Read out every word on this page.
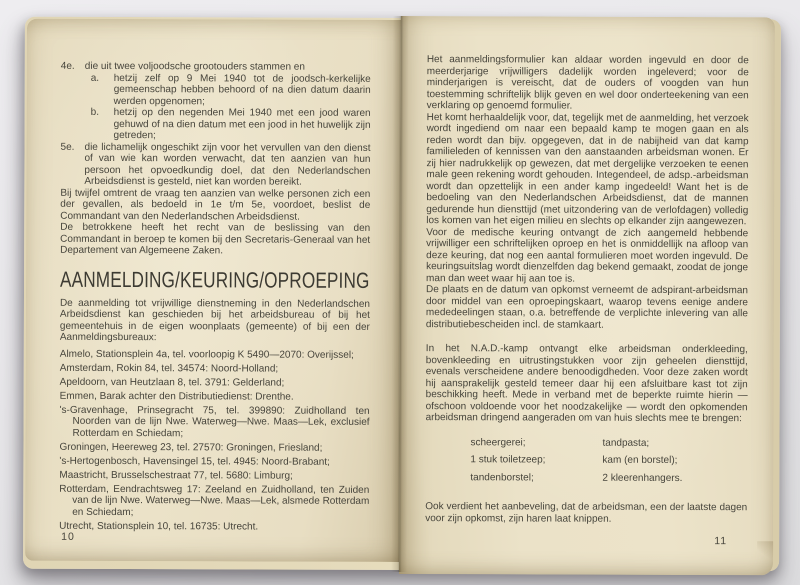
4e. die uit twee voljoodsche grootouders stammen en
a. hetzij zelf op 9 Mei 1940 tot de joodsch-kerkelijke gemeenschap hebben behoord of na dien datum daarin werden opgenomen;
b. hetzij op den negenden Mei 1940 met een jood waren gehuwd of na dien datum met een jood in het huwelijk zijn getreden;
5e. die lichamelijk ongeschikt zijn voor het vervullen van den dienst of van wie kan worden verwacht, dat ten aanzien van hun persoon het opvoedkundig doel, dat den Nederlandschen Arbeidsdienst is gesteld, niet kan worden bereikt.

Bij twijfel omtrent de vraag ten aanzien van welke personen zich een der gevallen, als bedoeld in 1e t/m 5e, voordoet, beslist de Commandant van den Nederlandschen Arbeidsdienst.

De betrokkene heeft het recht van de beslissing van den Commandant in beroep te komen bij den Secretaris-Generaal van het Departement van Algemeene Zaken.

AANMELDING/KEURING/OPROEPING

De aanmelding tot vrijwillige dienstneming in den Nederlandschen Arbeidsdienst kan geschieden bij het arbeidsbureau of bij het gemeentehuis in de eigen woonplaats (gemeente) of bij een der Aanmeldingsbureaux:

Almelo, Stationsplein 4a, tel. voorloopig K 5490—2070: Overijssel;
Amsterdam, Rokin 84, tel. 34574: Noord-Holland;
Apeldoorn, van Heutzlaan 8, tel. 3791: Gelderland;
Emmen, Barak achter den Distributiedienst: Drenthe.
's-Gravenhage, Prinsegracht 75, tel. 399890: Zuidholland ten Noorden van de lijn Nwe. Waterweg—Nwe. Maas—Lek, exclusief Rotterdam en Schiedam;
Groningen, Heereweg 23, tel. 27570: Groningen, Friesland;
's-Hertogenbosch, Havensingel 15, tel. 4945: Noord-Brabant;
Maastricht, Brusselschestraat 77, tel. 5680: Limburg;
Rotterdam, Eendrachtsweg 17: Zeeland en Zuidholland, ten Zuiden van de lijn Nwe. Waterweg—Nwe. Maas—Lek, alsmede Rotterdam en Schiedam;
Utrecht, Stationsplein 10, tel. 16735: Utrecht.
10

Het aanmeldingsformulier kan aldaar worden ingevuld en door de meerderjarige vrijwilligers dadelijk worden ingeleverd; voor de minderjarigen is vereischt, dat de ouders of voogden van hun toestemming schriftelijk blijk geven en wel door onderteekening van een verklaring op genoemd formulier.

Het komt herhaaldelijk voor, dat, tegelijk met de aanmelding, het verzoek wordt ingediend om naar een bepaald kamp te mogen gaan en als reden wordt dan bijv. opgegeven, dat in de nabijheid van dat kamp familieleden of kennissen van den aanstaanden arbeidsman wonen. Er zij hier nadrukkelijk op gewezen, dat met dergelijke verzoeken te eenen male geen rekening wordt gehouden. Integendeel, de adsp.-arbeidsman wordt dan opzettelijk in een ander kamp ingedeeld! Want het is de bedoeling van den Nederlandschen Arbeidsdienst, dat de mannen gedurende hun diensttijd (met uitzondering van de verlofdagen) volledig los komen van het eigen milieu en slechts op elkander zijn aangewezen.

Voor de medische keuring ontvangt de zich aangemeld hebbende vrijwilliger een schriftelijken oproep en het is onmiddellijk na afloop van deze keuring, dat nog een aantal formulieren moet worden ingevuld. De keuringsuitslag wordt dienzelfden dag bekend gemaakt, zoodat de jonge man dan weet waar hij aan toe is.

De plaats en de datum van opkomst verneemt de adspirant-arbeidsman door middel van een oproepingskaart, waarop tevens eenige andere mededeelingen staan, o.a. betreffende de verplichte inlevering van alle distributiebescheiden incl. de stamkaart.

In het N.A.D.-kamp ontvangt elke arbeidsman onderkleeding, bovenkleeding en uitrustingstukken voor zijn geheelen diensttijd, evenals verscheidene andere benoodigdheden. Voor deze zaken wordt hij aansprakelijk gesteld temeer daar hij een afsluitbare kast tot zijn beschikking heeft. Mede in verband met de beperkte ruimte hierin — ofschoon voldoende voor het noodzakelijke — wordt den opkomenden arbeidsman dringend aangeraden om van huis slechts mee te brengen:

scheergerei;
1 stuk toiletzeep;
tandenborstel;
tandpasta;
kam (en borstel);
2 kleerenhangers.

Ook verdient het aanbeveling, dat de arbeidsman, een der laatste dagen voor zijn opkomst, zijn haren laat knippen.

11
